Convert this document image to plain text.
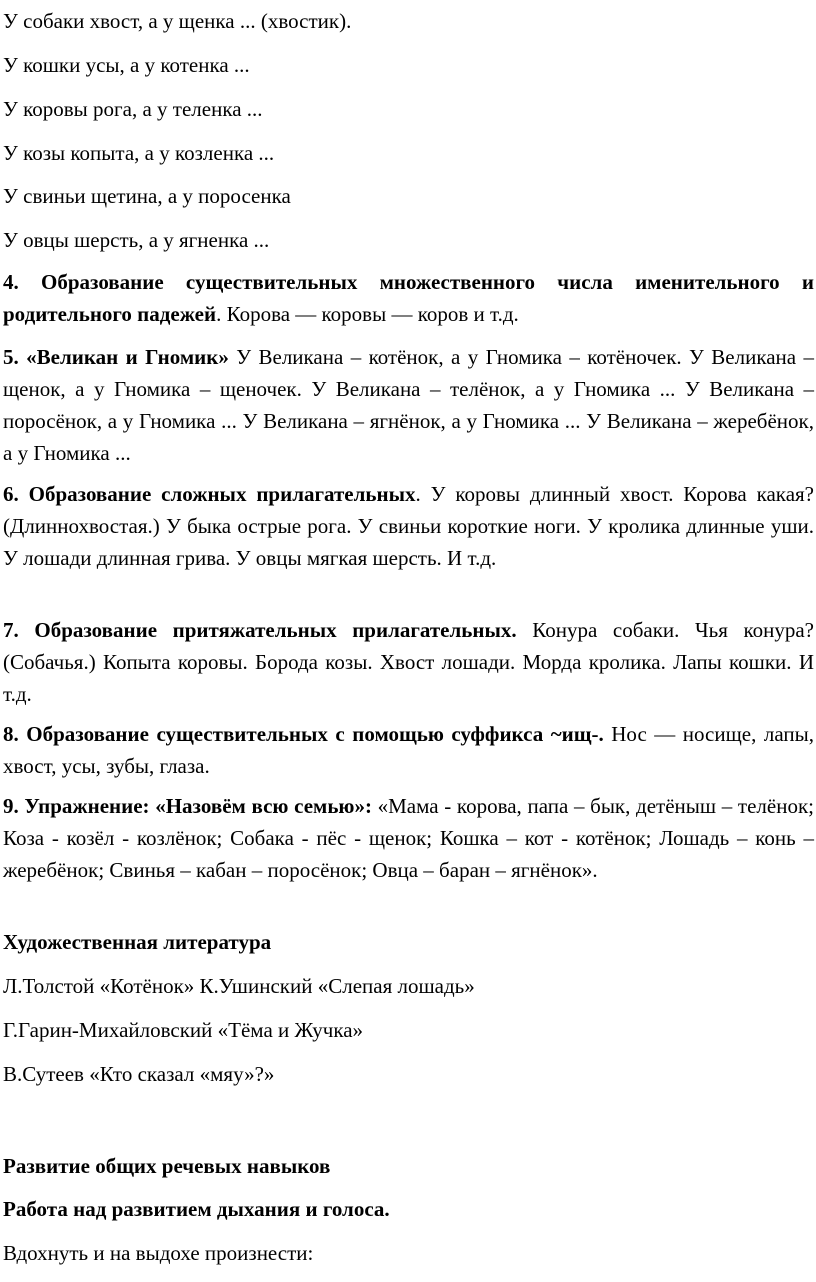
У собаки хвост, а у щенка ... (хвостик).

У кошки усы, а у котенка ...

У коровы рога, а у теленка ...

У козы копыта, а у козленка ...

У свиньи щетина, а у поросенка

У овцы шерсть, а у ягненка ...

4. Образование существительных множественного числа именительного и родительного падежей. Корова — коровы — коров и т.д.

5. «Великан и Гномик» У Великана – котёнок, а у Гномика – котёночек. У Великана – щенок, а у Гномика – щеночек. У Великана – телёнок, а у Гномика ... У Великана – поросёнок, а у Гномика ... У Великана – ягнёнок, а у Гномика ... У Великана – жеребёнок, а у Гномика ...

6. Образование сложных прилагательных. У коровы длинный хвост. Корова какая? (Длиннохвостая.) У быка острые рога. У свиньи короткие ноги. У кролика длинные уши. У лошади длинная грива. У овцы мягкая шерсть. И т.д.

7. Образование притяжательных прилагательных. Конура собаки. Чья конура? (Собачья.) Копыта коровы. Борода козы. Хвост лошади. Морда кролика. Лапы кошки. И т.д.

8. Образование существительных с помощью суффикса ~ищ-. Нос — носище, лапы, хвост, усы, зубы, глаза.

9. Упражнение: «Назовём всю семью»: «Мама - корова, папа – бык, детёныш – телёнок; Коза - козёл - козлёнок; Собака - пёс - щенок; Кошка – кот - котёнок; Лошадь – конь – жеребёнок; Свинья – кабан – поросёнок; Овца – баран – ягнёнок».

Художественная литература

Л.Толстой «Котёнок» К.Ушинский «Слепая лошадь»

Г.Гарин-Михайловский «Тёма и Жучка»

В.Сутеев «Кто сказал «мяу»?»

Развитие общих речевых навыков

Работа над развитием дыхания и голоса.

Вдохнуть и на выдохе произнести:
